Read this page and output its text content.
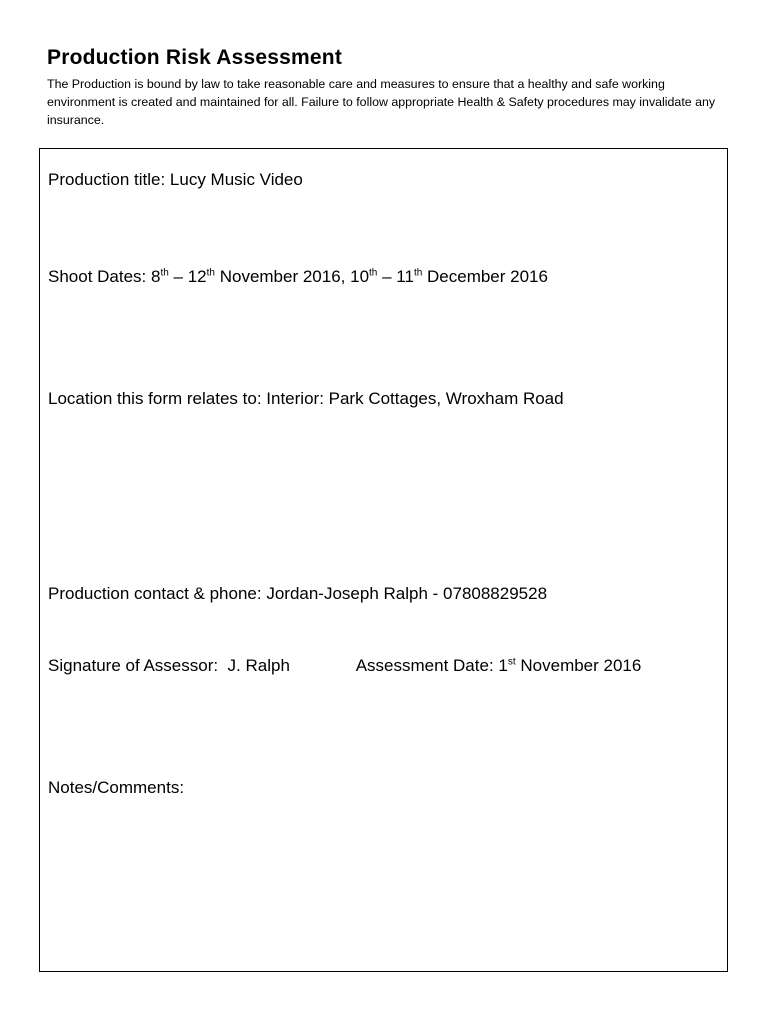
Production Risk Assessment

The Production is bound by law to take reasonable care and measures to ensure that a healthy and safe working environment is created and maintained for all. Failure to follow appropriate Health & Safety procedures may invalidate any insurance.

Production title: Lucy Music Video

Shoot Dates: 8th – 12th November 2016, 10th – 11th December 2016

Location this form relates to: Interior: Park Cottages, Wroxham Road

Production contact & phone: Jordan-Joseph Ralph - 07808829528

Signature of Assessor: J. Ralph	Assessment Date: 1st November 2016

Notes/Comments:
